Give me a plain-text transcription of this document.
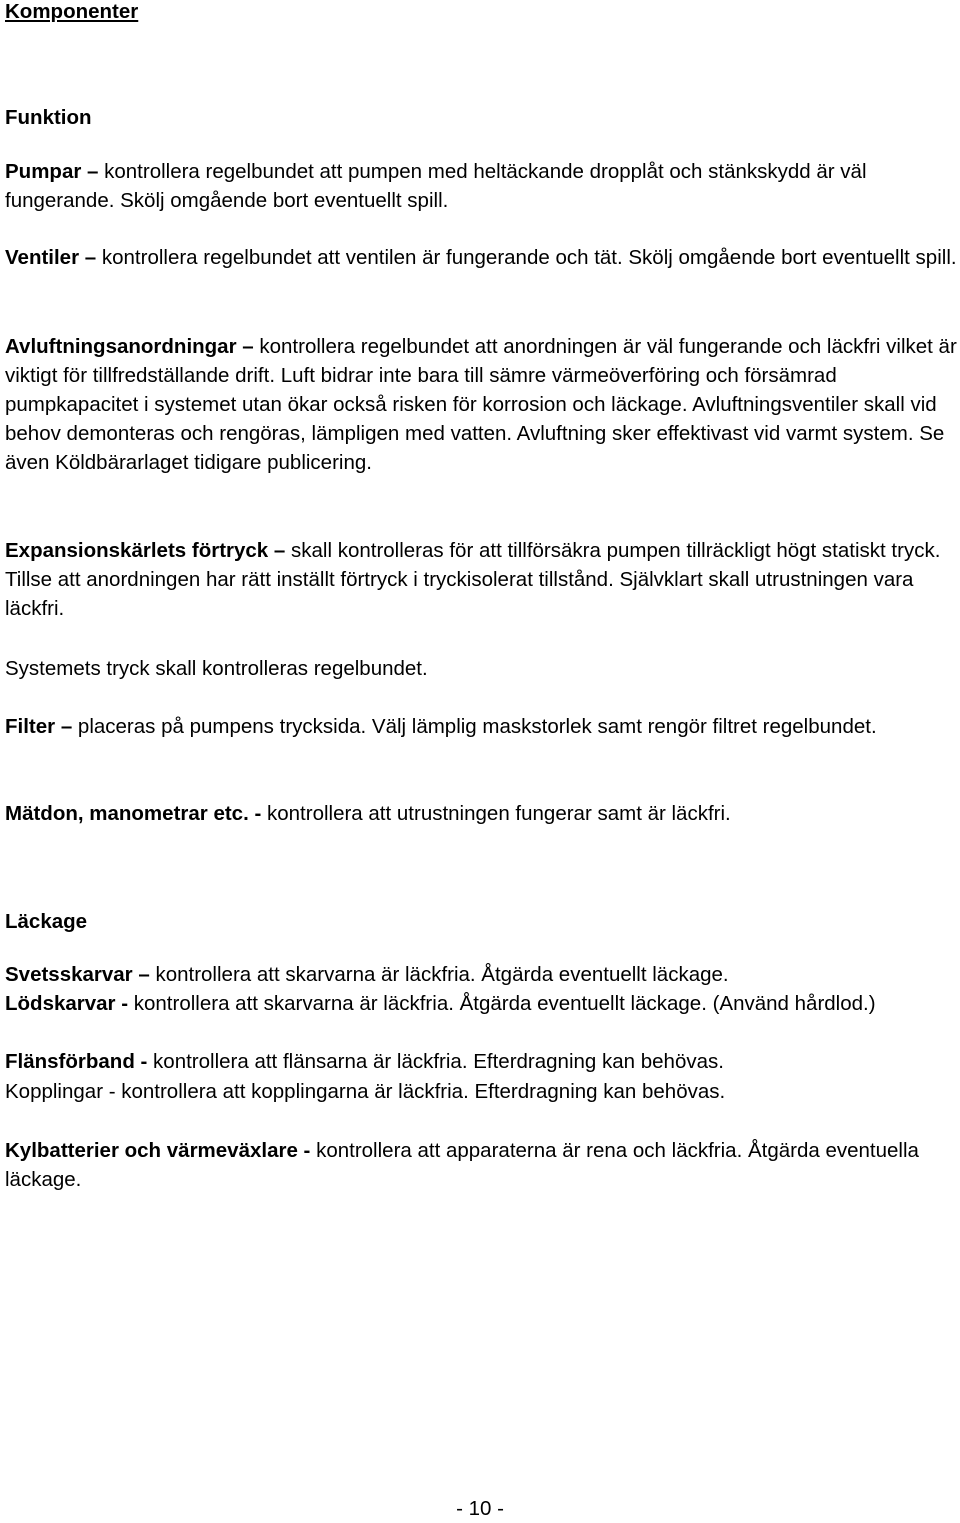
Komponenter

Funktion

Pumpar – kontrollera regelbundet att pumpen med heltäckande dropplåt och stänkskydd är väl fungerande. Skölj omgående bort eventuellt spill.

Ventiler – kontrollera regelbundet att ventilen är fungerande och tät. Skölj omgående bort eventuellt spill.

Avluftningsanordningar – kontrollera regelbundet att anordningen är väl fungerande och läckfri vilket är viktigt för tillfredställande drift. Luft bidrar inte bara till sämre värmeöverföring och försämrad pumpkapacitet i systemet utan ökar också risken för korrosion och läckage. Avluftningsventiler skall vid behov demonteras och rengöras, lämpligen med vatten. Avluftning sker effektivast vid varmt system. Se även Köldbärarlaget tidigare publicering.

Expansionskärlets förtryck – skall kontrolleras för att tillförsäkra pumpen tillräckligt högt statiskt tryck. Tillse att anordningen har rätt inställt förtryck i tryckisolerat tillstånd. Självklart skall utrustningen vara läckfri.

Systemets tryck skall kontrolleras regelbundet.

Filter – placeras på pumpens trycksida. Välj lämplig maskstorlek samt rengör filtret regelbundet.

Mätdon, manometrar etc. - kontrollera att utrustningen fungerar samt är läckfri.

Läckage

Svetsskarvar – kontrollera att skarvarna är läckfria. Åtgärda eventuellt läckage.

Lödskarvar - kontrollera att skarvarna är läckfria. Åtgärda eventuellt läckage. (Använd hårdlod.)

Flänsförband - kontrollera att flänsarna är läckfria. Efterdragning kan behövas.

Kopplingar - kontrollera att kopplingarna är läckfria. Efterdragning kan behövas.

Kylbatterier och värmeväxlare - kontrollera att apparaterna är rena och läckfria. Åtgärda eventuella läckage.

- 10 -
